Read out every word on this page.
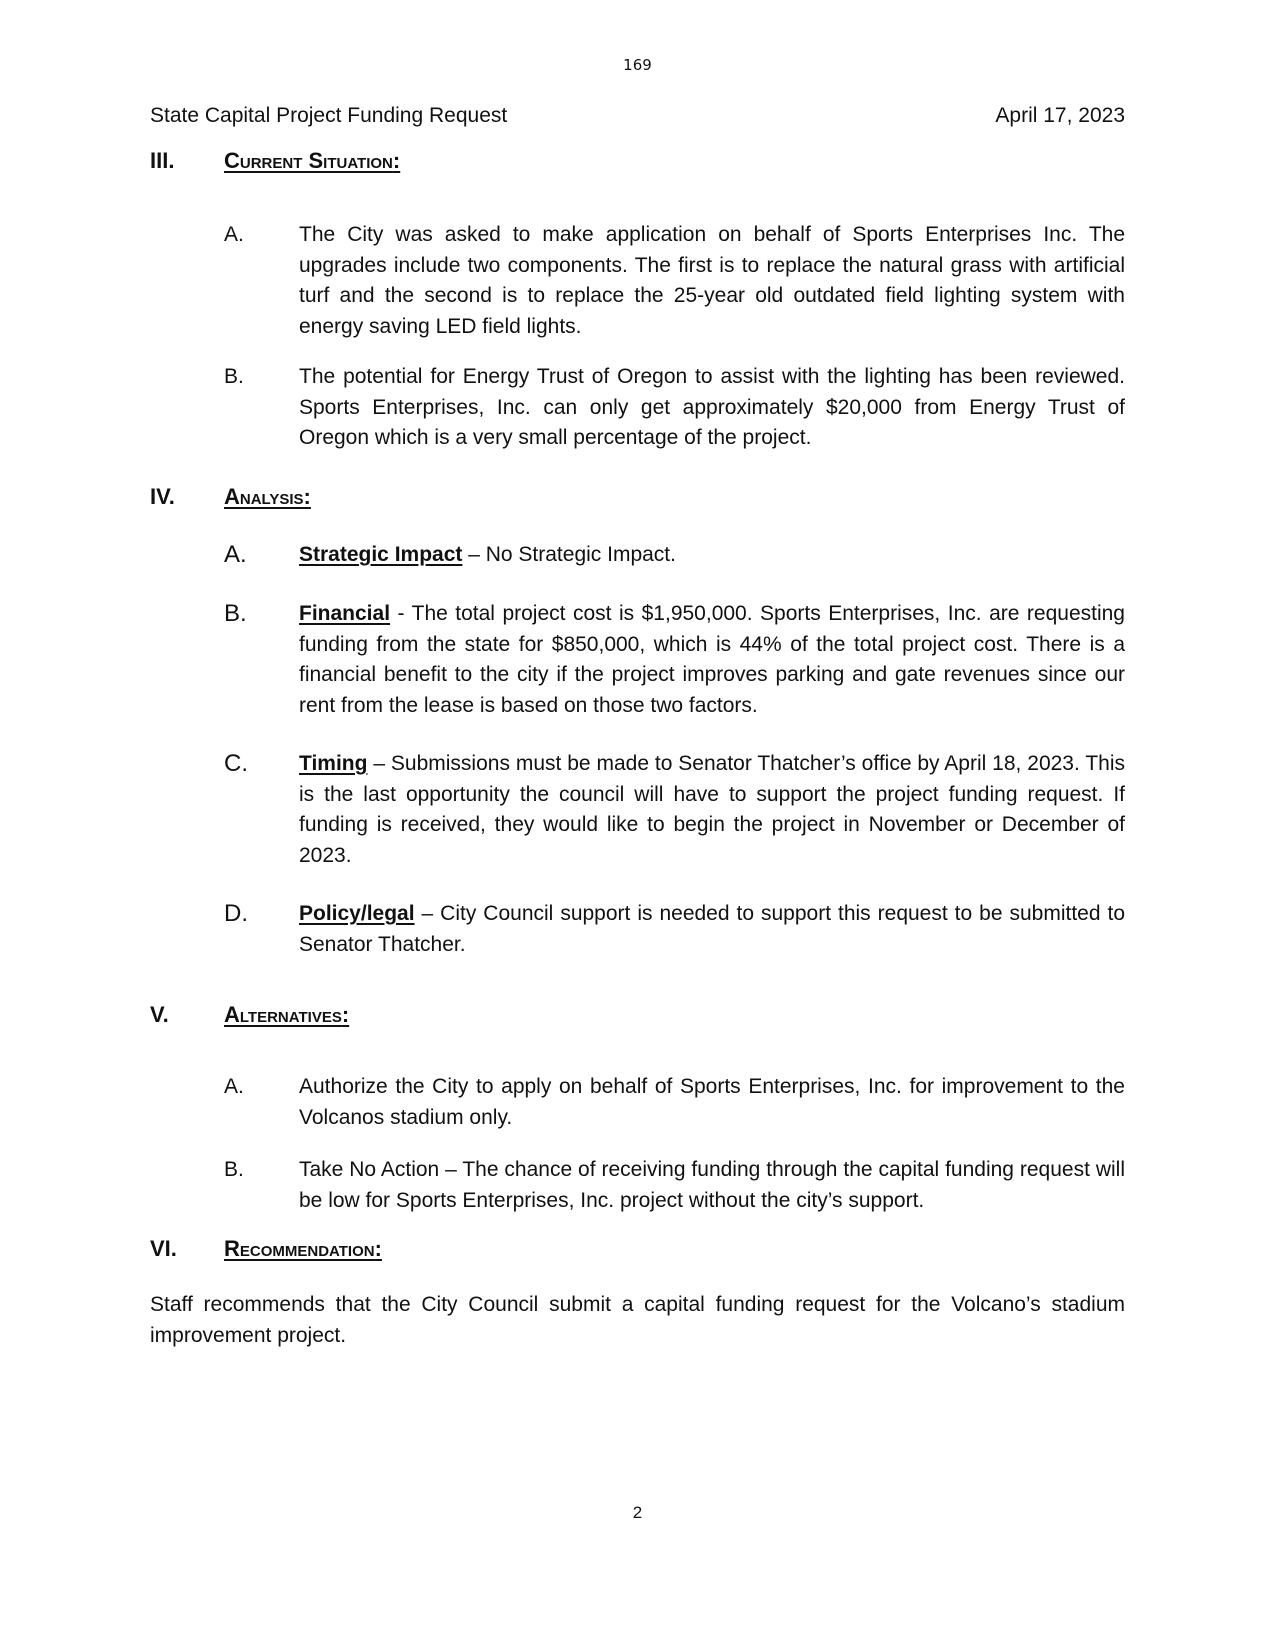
169
State Capital Project Funding Request	April 17, 2023
III. Current Situation:
A.	The City was asked to make application on behalf of Sports Enterprises Inc. The upgrades include two components. The first is to replace the natural grass with artificial turf and the second is to replace the 25-year old outdated field lighting system with energy saving LED field lights.
B.	The potential for Energy Trust of Oregon to assist with the lighting has been reviewed. Sports Enterprises, Inc. can only get approximately $20,000 from Energy Trust of Oregon which is a very small percentage of the project.
IV. Analysis:
A. Strategic Impact – No Strategic Impact.
B. Financial - The total project cost is $1,950,000. Sports Enterprises, Inc. are requesting funding from the state for $850,000, which is 44% of the total project cost. There is a financial benefit to the city if the project improves parking and gate revenues since our rent from the lease is based on those two factors.
C. Timing – Submissions must be made to Senator Thatcher’s office by April 18, 2023. This is the last opportunity the council will have to support the project funding request. If funding is received, they would like to begin the project in November or December of 2023.
D. Policy/legal – City Council support is needed to support this request to be submitted to Senator Thatcher.
V.	Alternatives:
A.	Authorize the City to apply on behalf of Sports Enterprises, Inc. for improvement to the Volcanos stadium only.
B.	Take No Action – The chance of receiving funding through the capital funding request will be low for Sports Enterprises, Inc. project without the city’s support.
VI. Recommendation:
Staff recommends that the City Council submit a capital funding request for the Volcano’s stadium improvement project.
2
